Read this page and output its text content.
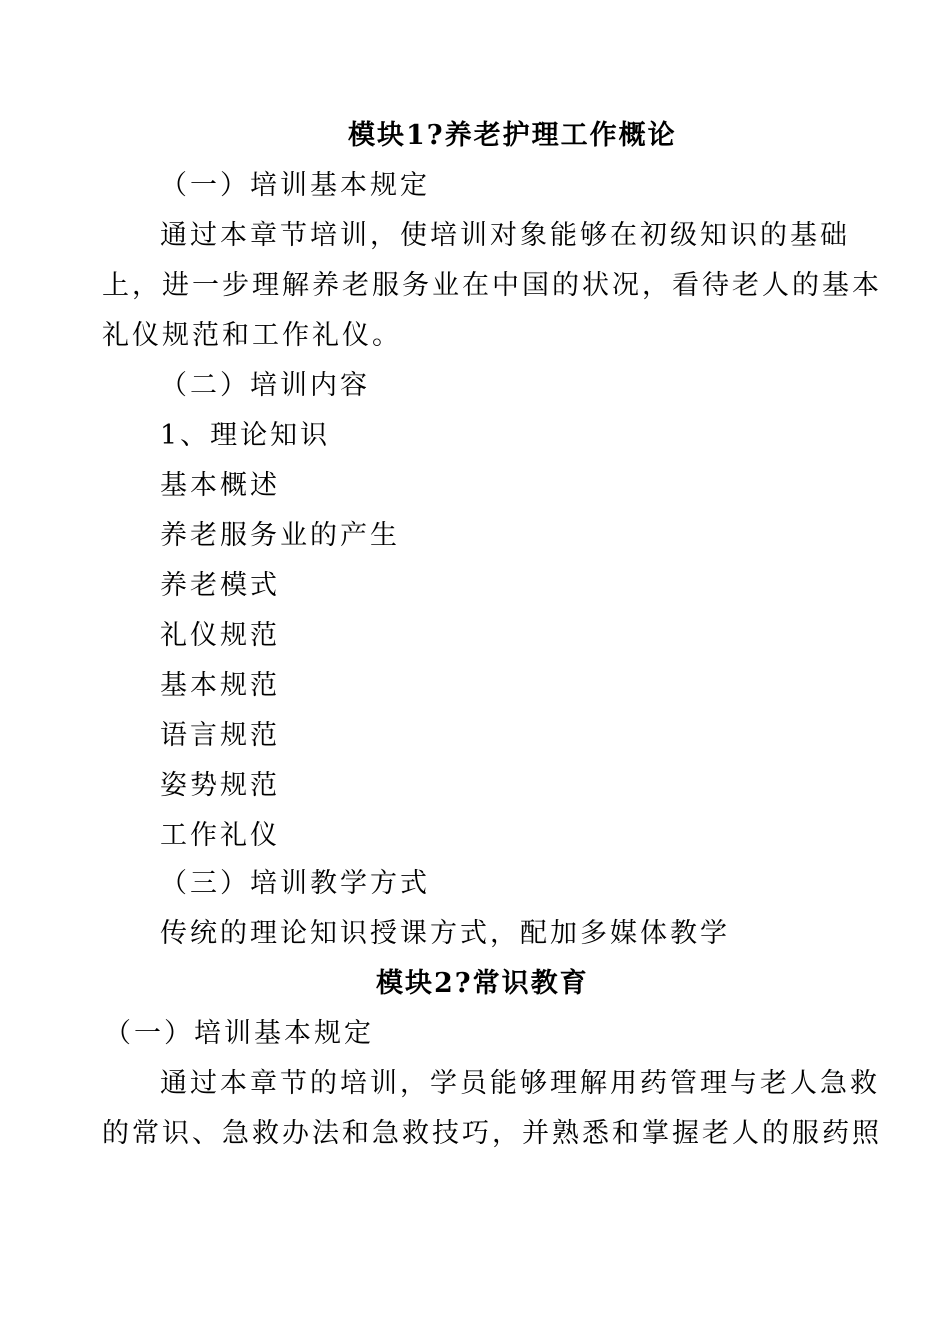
模块1?养老护理工作概论
（一）培训基本规定
通过本章节培训，使培训对象能够在初级知识的基础
上，进一步理解养老服务业在中国的状况，看待老人的基本
礼仪规范和工作礼仪。
（二）培训内容
1、理论知识
基本概述
养老服务业的产生
养老模式
礼仪规范
基本规范
语言规范
姿势规范
工作礼仪
（三）培训教学方式
传统的理论知识授课方式，配加多媒体教学
模块2?常识教育
（一）培训基本规定
通过本章节的培训，学员能够理解用药管理与老人急救
的常识、急救办法和急救技巧，并熟悉和掌握老人的服药照
